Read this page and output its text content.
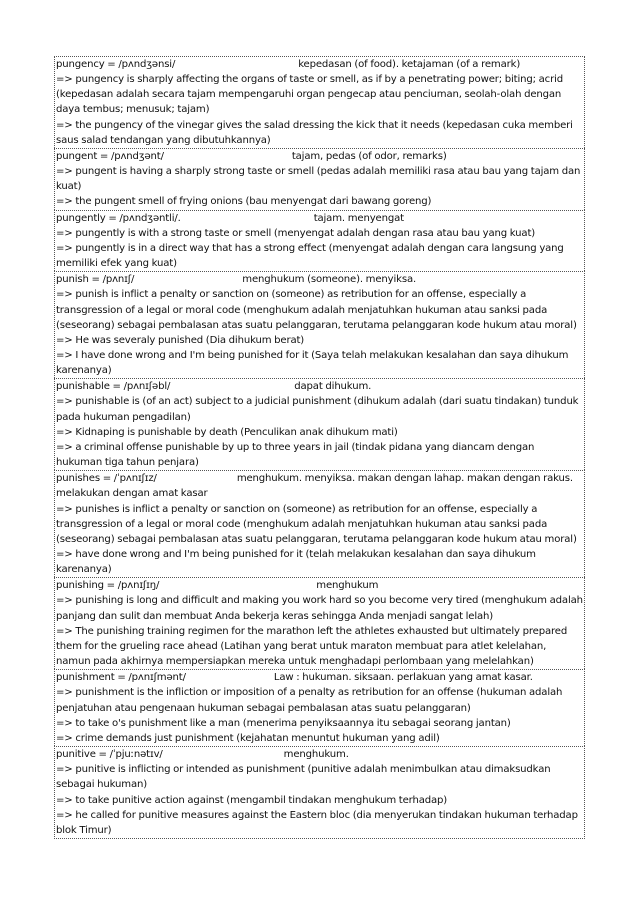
pungency = /pʌndʒənsi/	kepedasan (of food). ketajaman (of a remark)
=> pungency is sharply affecting the organs of taste or smell, as if by a penetrating power; biting; acrid (kepedasan adalah secara tajam mempengaruhi organ pengecap atau penciuman, seolah-olah dengan daya tembus; menusuk; tajam)
=> the pungency of the vinegar gives the salad dressing the kick that it needs (kepedasan cuka memberi saus salad tendangan yang dibutuhkannya)
pungent = /pʌndʒənt/	tajam, pedas (of odor, remarks)
=> pungent is having a sharply strong taste or smell (pedas adalah memiliki rasa atau bau yang tajam dan kuat)
=> the pungent smell of frying onions (bau menyengat dari bawang goreng)
pungently = /pʌndʒəntli/.	tajam. menyengat
=> pungently is with a strong taste or smell (menyengat adalah dengan rasa atau bau yang kuat)
=> pungently is in a direct way that has a strong effect (menyengat adalah dengan cara langsung yang memiliki efek yang kuat)
punish = /pʌnɪʃ/	menghukum (someone). menyiksa.
=> punish is inflict a penalty or sanction on (someone) as retribution for an offense, especially a transgression of a legal or moral code (menghukum adalah menjatuhkan hukuman atau sanksi pada (seseorang) sebagai pembalasan atas suatu pelanggaran, terutama pelanggaran kode hukum atau moral)
=> He was severaly punished (Dia dihukum berat)
=> I have done wrong and I'm being punished for it (Saya telah melakukan kesalahan dan saya dihukum karenanya)
punishable = /pʌnɪʃəbl/	dapat dihukum.
=> punishable is (of an act) subject to a judicial punishment (dihukum adalah (dari suatu tindakan) tunduk pada hukuman pengadilan)
=> Kidnaping is punishable by death (Penculikan anak dihukum mati)
=> a criminal offense punishable by up to three years in jail (tindak pidana yang diancam dengan hukuman tiga tahun penjara)
punishes = /ˈpʌnɪʃɪz/	menghukum. menyiksa. makan dengan lahap. makan dengan rakus. melakukan dengan amat kasar
=> punishes is inflict a penalty or sanction on (someone) as retribution for an offense, especially a transgression of a legal or moral code (menghukum adalah menjatuhkan hukuman atau sanksi pada (seseorang) sebagai pembalasan atas suatu pelanggaran, terutama pelanggaran kode hukum atau moral)
=> have done wrong and I'm being punished for it (telah melakukan kesalahan dan saya dihukum karenanya)
punishing = /pʌnɪʃɪŋ/	menghukum
=> punishing is long and difficult and making you work hard so you become very tired (menghukum adalah panjang dan sulit dan membuat Anda bekerja keras sehingga Anda menjadi sangat lelah)
=> The punishing training regimen for the marathon left the athletes exhausted but ultimately prepared them for the grueling race ahead (Latihan yang berat untuk maraton membuat para atlet kelelahan, namun pada akhirnya mempersiapkan mereka untuk menghadapi perlombaan yang melelahkan)
punishment = /pʌnɪʃmənt/	Law : hukuman. siksaan. perlakuan yang amat kasar.
=> punishment is the infliction or imposition of a penalty as retribution for an offense (hukuman adalah penjatuhan atau pengenaan hukuman sebagai pembalasan atas suatu pelanggaran)
=> to take o's punishment like a man (menerima penyiksaannya itu sebagai seorang jantan)
=> crime demands just punishment (kejahatan menuntut hukuman yang adil)
punitive = /ˈpjuːnətɪv/	menghukum.
=> punitive is inflicting or intended as punishment (punitive adalah menimbulkan atau dimaksudkan sebagai hukuman)
=> to take punitive action against (mengambil tindakan menghukum terhadap)
=> he called for punitive measures against the Eastern bloc (dia menyerukan tindakan hukuman terhadap blok Timur)
